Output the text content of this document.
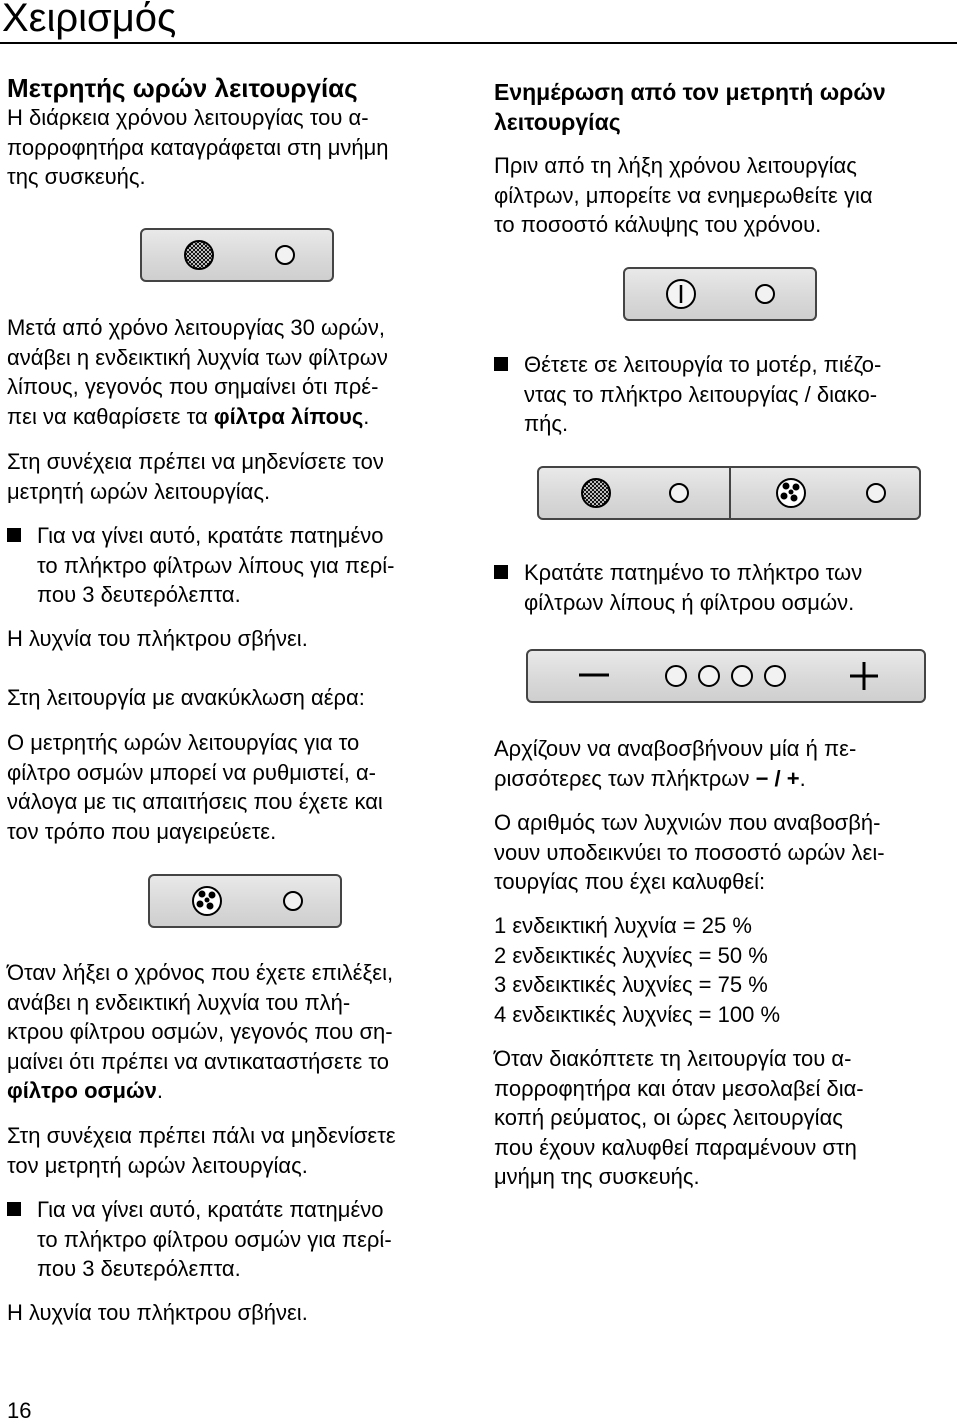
Χειρισμός
Μετρητής ωρών λειτουργίας

Η διάρκεια χρόνου λειτουργίας του α-

πορροφητήρα καταγράφεται στη μνήμη

της συσκευής.

Μετά από χρόνο λειτουργίας 30 ωρών,

ανάβει η ενδεικτική λυχνία των φίλτρων

λίπους, γεγονός που σημαίνει ότι πρέ-

πει να καθαρίσετε τα φίλτρα λίπους.

Στη συνέχεια πρέπει να μηδενίσετε τον

μετρητή ωρών λειτουργίας.

Για να γίνει αυτό, κρατάτε πατημένο

το πλήκτρο φίλτρων λίπους για περί-

που 3 δευτερόλεπτα.

Η λυχνία του πλήκτρου σβήνει.

Στη λειτουργία με ανακύκλωση αέρα:

Ο μετρητής ωρών λειτουργίας για το

φίλτρο οσμών μπορεί να ρυθμιστεί, α-

νάλογα με τις απαιτήσεις που έχετε και

τον τρόπο που μαγειρεύετε.

Όταν λήξει ο χρόνος που έχετε επιλέξει,

ανάβει η ενδεικτική λυχνία του πλή-

κτρου φίλτρου οσμών, γεγονός που ση-

μαίνει ότι πρέπει να αντικαταστήσετε το

φίλτρο οσμών.

Στη συνέχεια πρέπει πάλι να μηδενίσετε

τον μετρητή ωρών λειτουργίας.

Για να γίνει αυτό, κρατάτε πατημένο

το πλήκτρο φίλτρου οσμών για περί-

που 3 δευτερόλεπτα.

Η λυχνία του πλήκτρου σβήνει.

Ενημέρωση από τον μετρητή ωρών
λειτουργίας

Πριν από τη λήξη χρόνου λειτουργίας

φίλτρων, μπορείτε να ενημερωθείτε για

το ποσοστό κάλυψης του χρόνου.

Θέτετε σε λειτουργία το μοτέρ, πιέζο-

ντας το πλήκτρο λειτουργίας / διακο-

πής.

Κρατάτε πατημένο το πλήκτρο των

φίλτρων λίπους ή φίλτρου οσμών.

Αρχίζουν να αναβοσβήνουν μία ή πε-

ρισσότερες των πλήκτρων − / +.

Ο αριθμός των λυχνιών που αναβοσβή-

νουν υποδεικνύει το ποσοστό ωρών λει-

τουργίας που έχει καλυφθεί:

1 ενδεικτική λυχνία = 25 %

2 ενδεικτικές λυχνίες = 50 %

3 ενδεικτικές λυχνίες = 75 %

4 ενδεικτικές λυχνίες = 100 %

Όταν διακόπτετε τη λειτουργία του α-

πορροφητήρα και όταν μεσολαβεί δια-

κοπή ρεύματος, οι ώρες λειτουργίας

που έχουν καλυφθεί παραμένουν στη

μνήμη της συσκευής.

16
